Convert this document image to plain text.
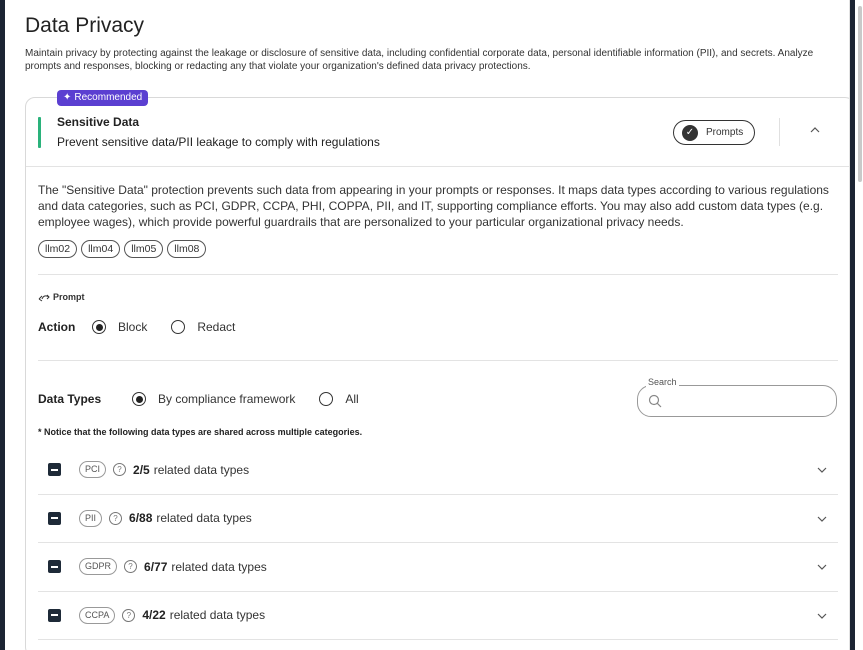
Data Privacy

Maintain privacy by protecting against the leakage or disclosure of sensitive data, including confidential corporate data, personal identifiable information (PII), and secrets. Analyze prompts and responses, blocking or redacting any that violate your organization's defined data privacy protections.

Sensitive Data
Prevent sensitive data/PII leakage to comply with regulations
✓	Prompts

The "Sensitive Data" protection prevents such data from appearing in your prompts or responses. It maps data types according to various regulations and data categories, such as PCI, GDPR, CCPA, PHI, COPPA, PII, and IT, supporting compliance efforts. You may also add custom data types (e.g. employee wages), which provide powerful guardrails that are personalized to your particular organizational privacy needs.

llm02	llm04	llm05	llm08
Prompt
Action	Block	Redact
Data Types	By compliance framework	All
Search
* Notice that the following data types are shared across multiple categories.
PCI	? 2/5 related data types
PII	? 6/88 related data types
GDPR	? 6/77 related data types
CCPA	? 4/22 related data types
✦ Recommended
